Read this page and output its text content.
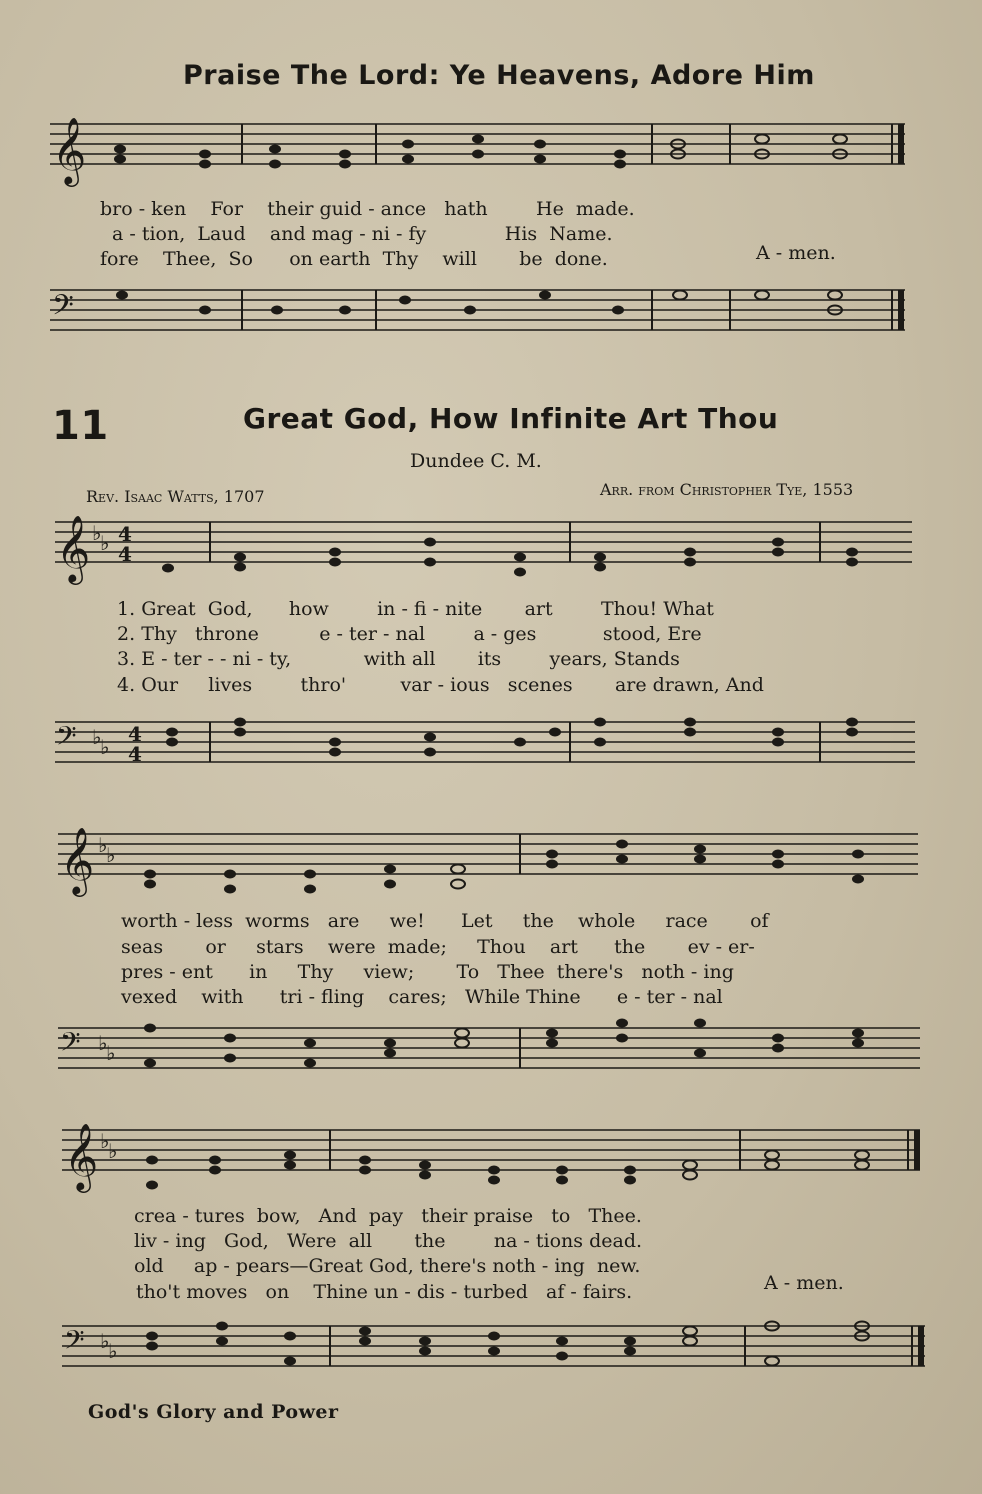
Praise The Lord: Ye Heavens, Adore Him
𝄞
bro - ken For their guid - ance hath	He made.
a - tion, Laud and mag - ni - fy	His Name.
fore Thee, So on earth Thy will be done.	A - men.
𝄢
11	Great God, How Infinite Art Thou
Dundee C. M.
Rev. Isaac Watts, 1707	Arr. from Christopher Tye, 1553
𝄞 ♭
♭ 4
4
1. Great God, how	in - fi - nite art	Thou! What
2. Thy throne	e - ter - nal	a - ges	stood, Ere
3. E - ter - - ni - ty,	with all its	years, Stands
4. Our lives	thro'	var - ious scenes are drawn, And
𝄢 ♭
♭
4
4
𝄞 ♭
♭
worth - less worms are we! Let the whole race of
seas or stars were made; Thou art the ev - er-
pres - ent in Thy view; To Thee there's noth - ing
vexed with tri - fling cares; While Thine e - ter - nal
𝄢 ♭
♭
𝄞 ♭
♭
crea - tures bow, And pay their praise to Thee.
liv - ing God, Were all the	na - tions dead.
old ap - pears—Great God, there's noth - ing new.
tho't moves on Thine un - dis - turbed af - fairs.	A - men.
𝄢 ♭
♭
God's Glory and Power
